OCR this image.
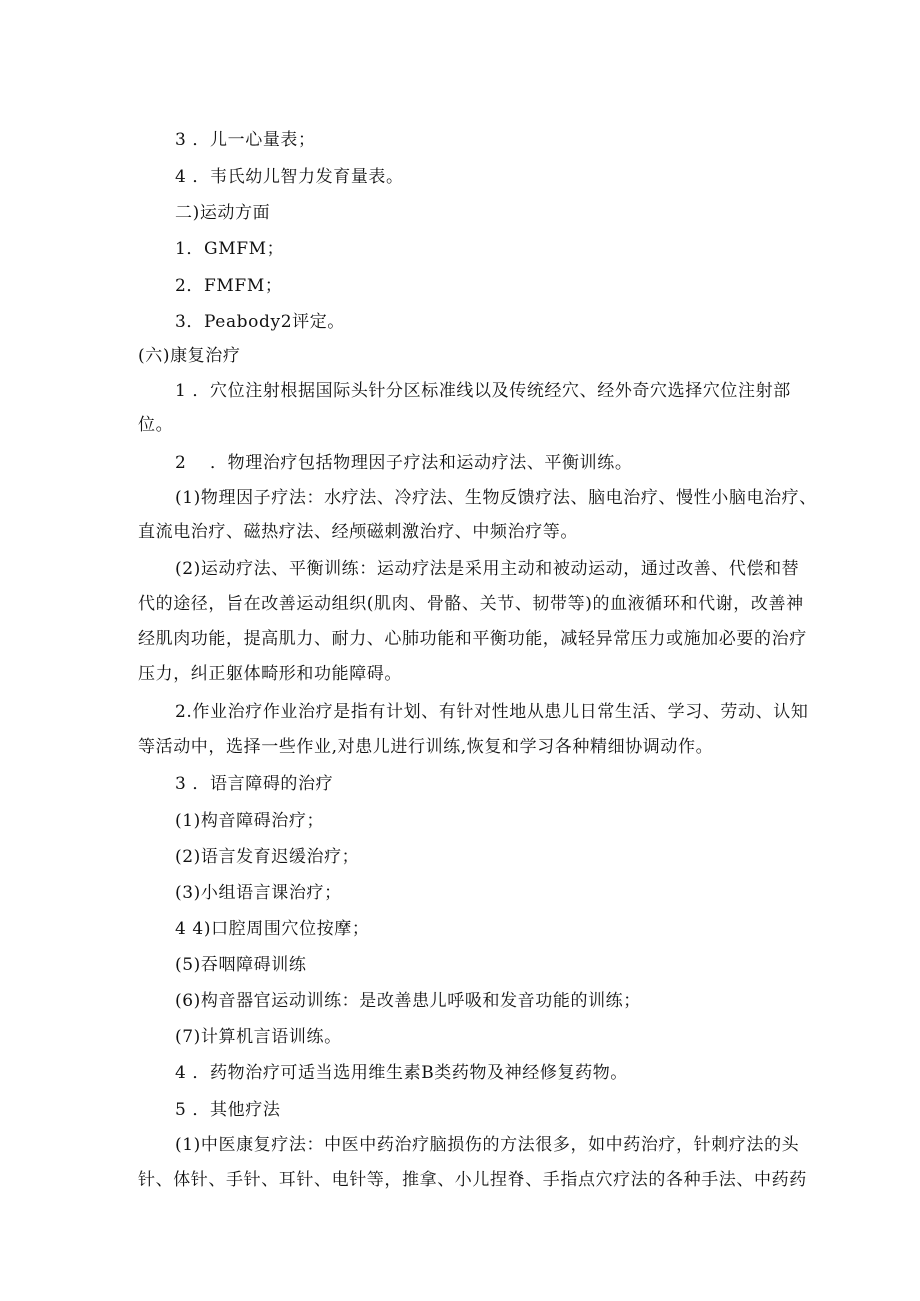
3 ．儿一心量表；
4 ．韦氏幼儿智力发育量表。
二)运动方面
1．GMFM；
2．FMFM；
3．Peabody2评定。
(六)康复治疗
1 ．穴位注射根据国际头针分区标准线以及传统经穴、经外奇穴选择穴位注射部
位。
2　 ．物理治疗包括物理因子疗法和运动疗法、平衡训练。
(1)物理因子疗法：水疗法、冷疗法、生物反馈疗法、脑电治疗、慢性小脑电治疗、
直流电治疗、磁热疗法、经颅磁刺激治疗、中频治疗等。
(2)运动疗法、平衡训练：运动疗法是采用主动和被动运动，通过改善、代偿和替
代的途径，旨在改善运动组织(肌肉、骨骼、关节、韧带等)的血液循环和代谢，改善神
经肌肉功能，提高肌力、耐力、心肺功能和平衡功能，减轻异常压力或施加必要的治疗
压力，纠正躯体畸形和功能障碍。
2.作业治疗作业治疗是指有计划、有针对性地从患儿日常生活、学习、劳动、认知
等活动中，选择一些作业,对患儿进行训练,恢复和学习各种精细协调动作。
3 ．语言障碍的治疗
(1)构音障碍治疗；
(2)语言发育迟缓治疗；
(3)小组语言课治疗；
4 4)口腔周围穴位按摩；
(5)吞咽障碍训练
(6)构音器官运动训练：是改善患儿呼吸和发音功能的训练；
(7)计算机言语训练。
4 ．药物治疗可适当选用维生素B类药物及神经修复药物。
5 ．其他疗法
(1)中医康复疗法：中医中药治疗脑损伤的方法很多，如中药治疗，针刺疗法的头
针、体针、手针、耳针、电针等，推拿、小儿捏脊、手指点穴疗法的各种手法、中药药
